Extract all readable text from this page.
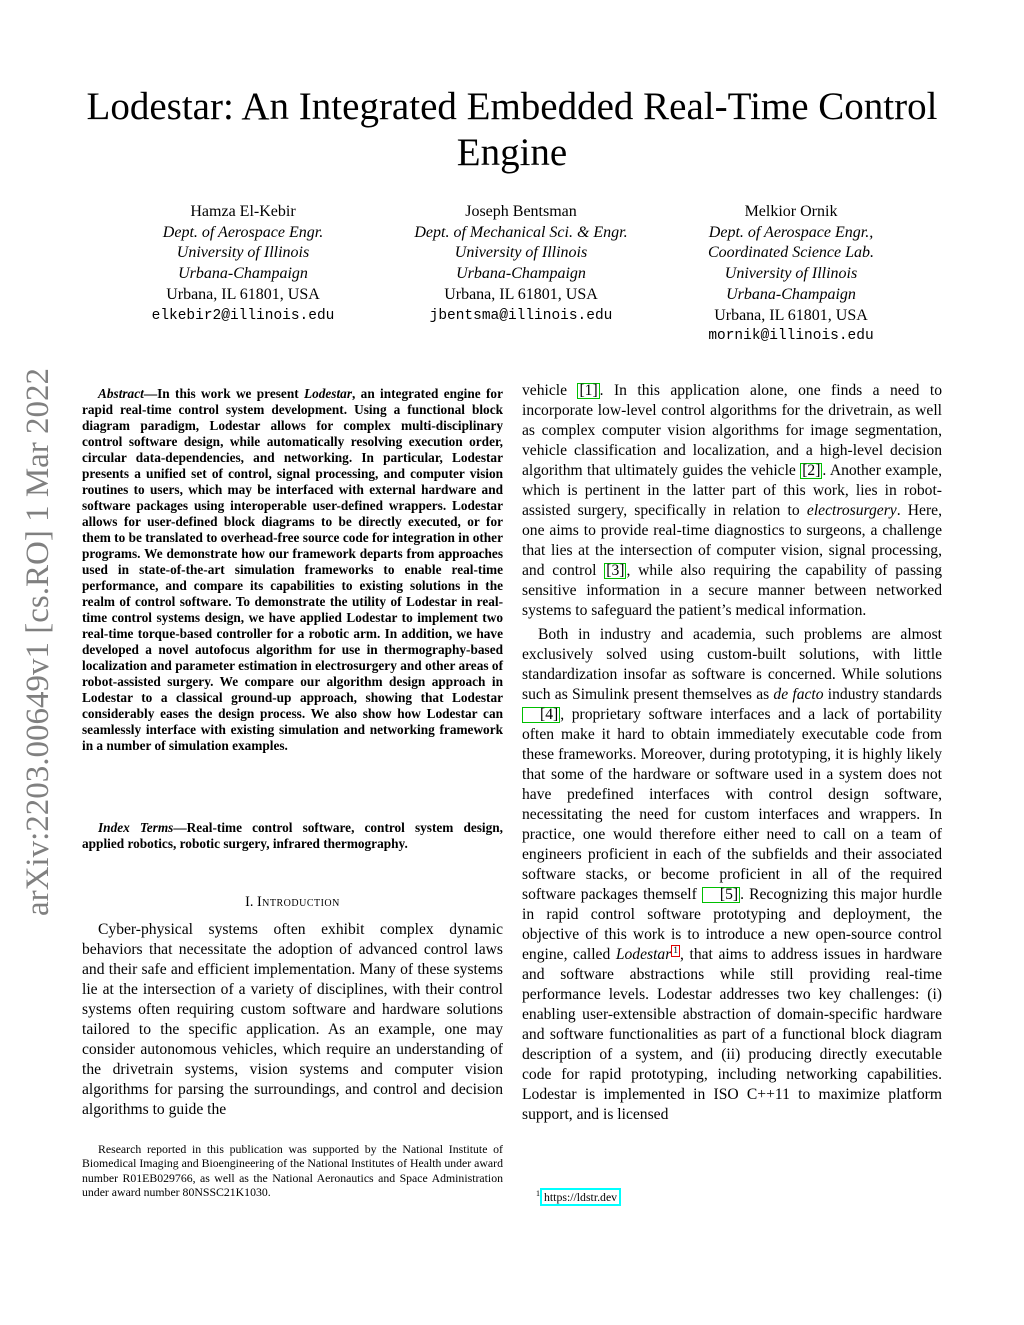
Lodestar: An Integrated Embedded Real-Time Control Engine
arXiv:2203.00649v1 [cs.RO] 1 Mar 2022
Hamza El-Kebir
Dept. of Aerospace Engr.
University of Illinois
Urbana-Champaign
Urbana, IL 61801, USA
elkebir2@illinois.edu
Joseph Bentsman
Dept. of Mechanical Sci. & Engr.
University of Illinois
Urbana-Champaign
Urbana, IL 61801, USA
jbentsma@illinois.edu
Melkior Ornik
Dept. of Aerospace Engr.,
Coordinated Science Lab.
University of Illinois
Urbana-Champaign
Urbana, IL 61801, USA
mornik@illinois.edu

Abstract—In this work we present Lodestar, an integrated engine for rapid real-time control system development. Using a functional block diagram paradigm, Lodestar allows for complex multi-disciplinary control software design, while automatically resolving execution order, circular data-dependencies, and networking. In particular, Lodestar presents a unified set of control, signal processing, and computer vision routines to users, which may be interfaced with external hardware and software packages using interoperable user-defined wrappers. Lodestar allows for user-defined block diagrams to be directly executed, or for them to be translated to overhead-free source code for integration in other programs. We demonstrate how our framework departs from approaches used in state-of-the-art simulation frameworks to enable real-time performance, and compare its capabilities to existing solutions in the realm of control software. To demonstrate the utility of Lodestar in real-time control systems design, we have applied Lodestar to implement two real-time torque-based controller for a robotic arm. In addition, we have developed a novel autofocus algorithm for use in thermography-based localization and parameter estimation in electrosurgery and other areas of robot-assisted surgery. We compare our algorithm design approach in Lodestar to a classical ground-up approach, showing that Lodestar considerably eases the design process. We also show how Lodestar can seamlessly interface with existing simulation and networking framework in a number of simulation examples.

Index Terms—Real-time control software, control system design, applied robotics, robotic surgery, infrared thermography.

I. Introduction

Cyber-physical systems often exhibit complex dynamic behaviors that necessitate the adoption of advanced control laws and their safe and efficient implementation. Many of these systems lie at the intersection of a variety of disciplines, with their control systems often requiring custom software and hardware solutions tailored to the specific application. As an example, one may consider autonomous vehicles, which require an understanding of the drivetrain systems, vision systems and computer vision algorithms for parsing the surroundings, and control and decision algorithms to guide the

Research reported in this publication was supported by the National Institute of Biomedical Imaging and Bioengineering of the National Institutes of Health under award number R01EB029766, as well as the National Aeronautics and Space Administration under award number 80NSSC21K1030.

vehicle [1] . In this application alone, one finds a need to incorporate low-level control algorithms for the drivetrain, as well as complex computer vision algorithms for image segmentation, vehicle classification and localization, and a high-level decision algorithm that ultimately guides the vehicle [2] . Another example, which is pertinent in the latter part of this work, lies in robot-assisted surgery, specifically in relation to electrosurgery. Here, one aims to provide real-time diagnostics to surgeons, a challenge that lies at the intersection of computer vision, signal processing, and control [3] , while also requiring the capability of passing sensitive information in a secure manner between networked systems to safeguard the patient’s medical information.

Both in industry and academia, such problems are almost exclusively solved using custom-built solutions, with little standardization insofar as software is concerned. While solutions such as Simulink present themselves as de facto industry standards [4] , proprietary software interfaces and a lack of portability often make it hard to obtain immediately executable code from these frameworks. Moreover, during prototyping, it is highly likely that some of the hardware or software used in a system does not have predefined interfaces with control design software, necessitating the need for custom interfaces and wrappers. In practice, one would therefore either need to call on a team of engineers proficient in each of the subfields and their associated software stacks, or become proficient in all of the required software packages themself [5] . Recognizing this major hurdle in rapid control software prototyping and deployment, the objective of this work is to introduce a new open-source control engine, called Lodestar $^1$ , that aims to address issues in hardware and software abstractions while still providing real-time performance levels. Lodestar addresses two key challenges: (i) enabling user-extensible abstraction of domain-specific hardware and software functionalities as part of a functional block diagram description of a system, and (ii) producing directly executable code for rapid prototyping, including networking capabilities. Lodestar is implemented in ISO C++11 to maximize platform support, and is licensed

$^1$ https://ldstr.dev
